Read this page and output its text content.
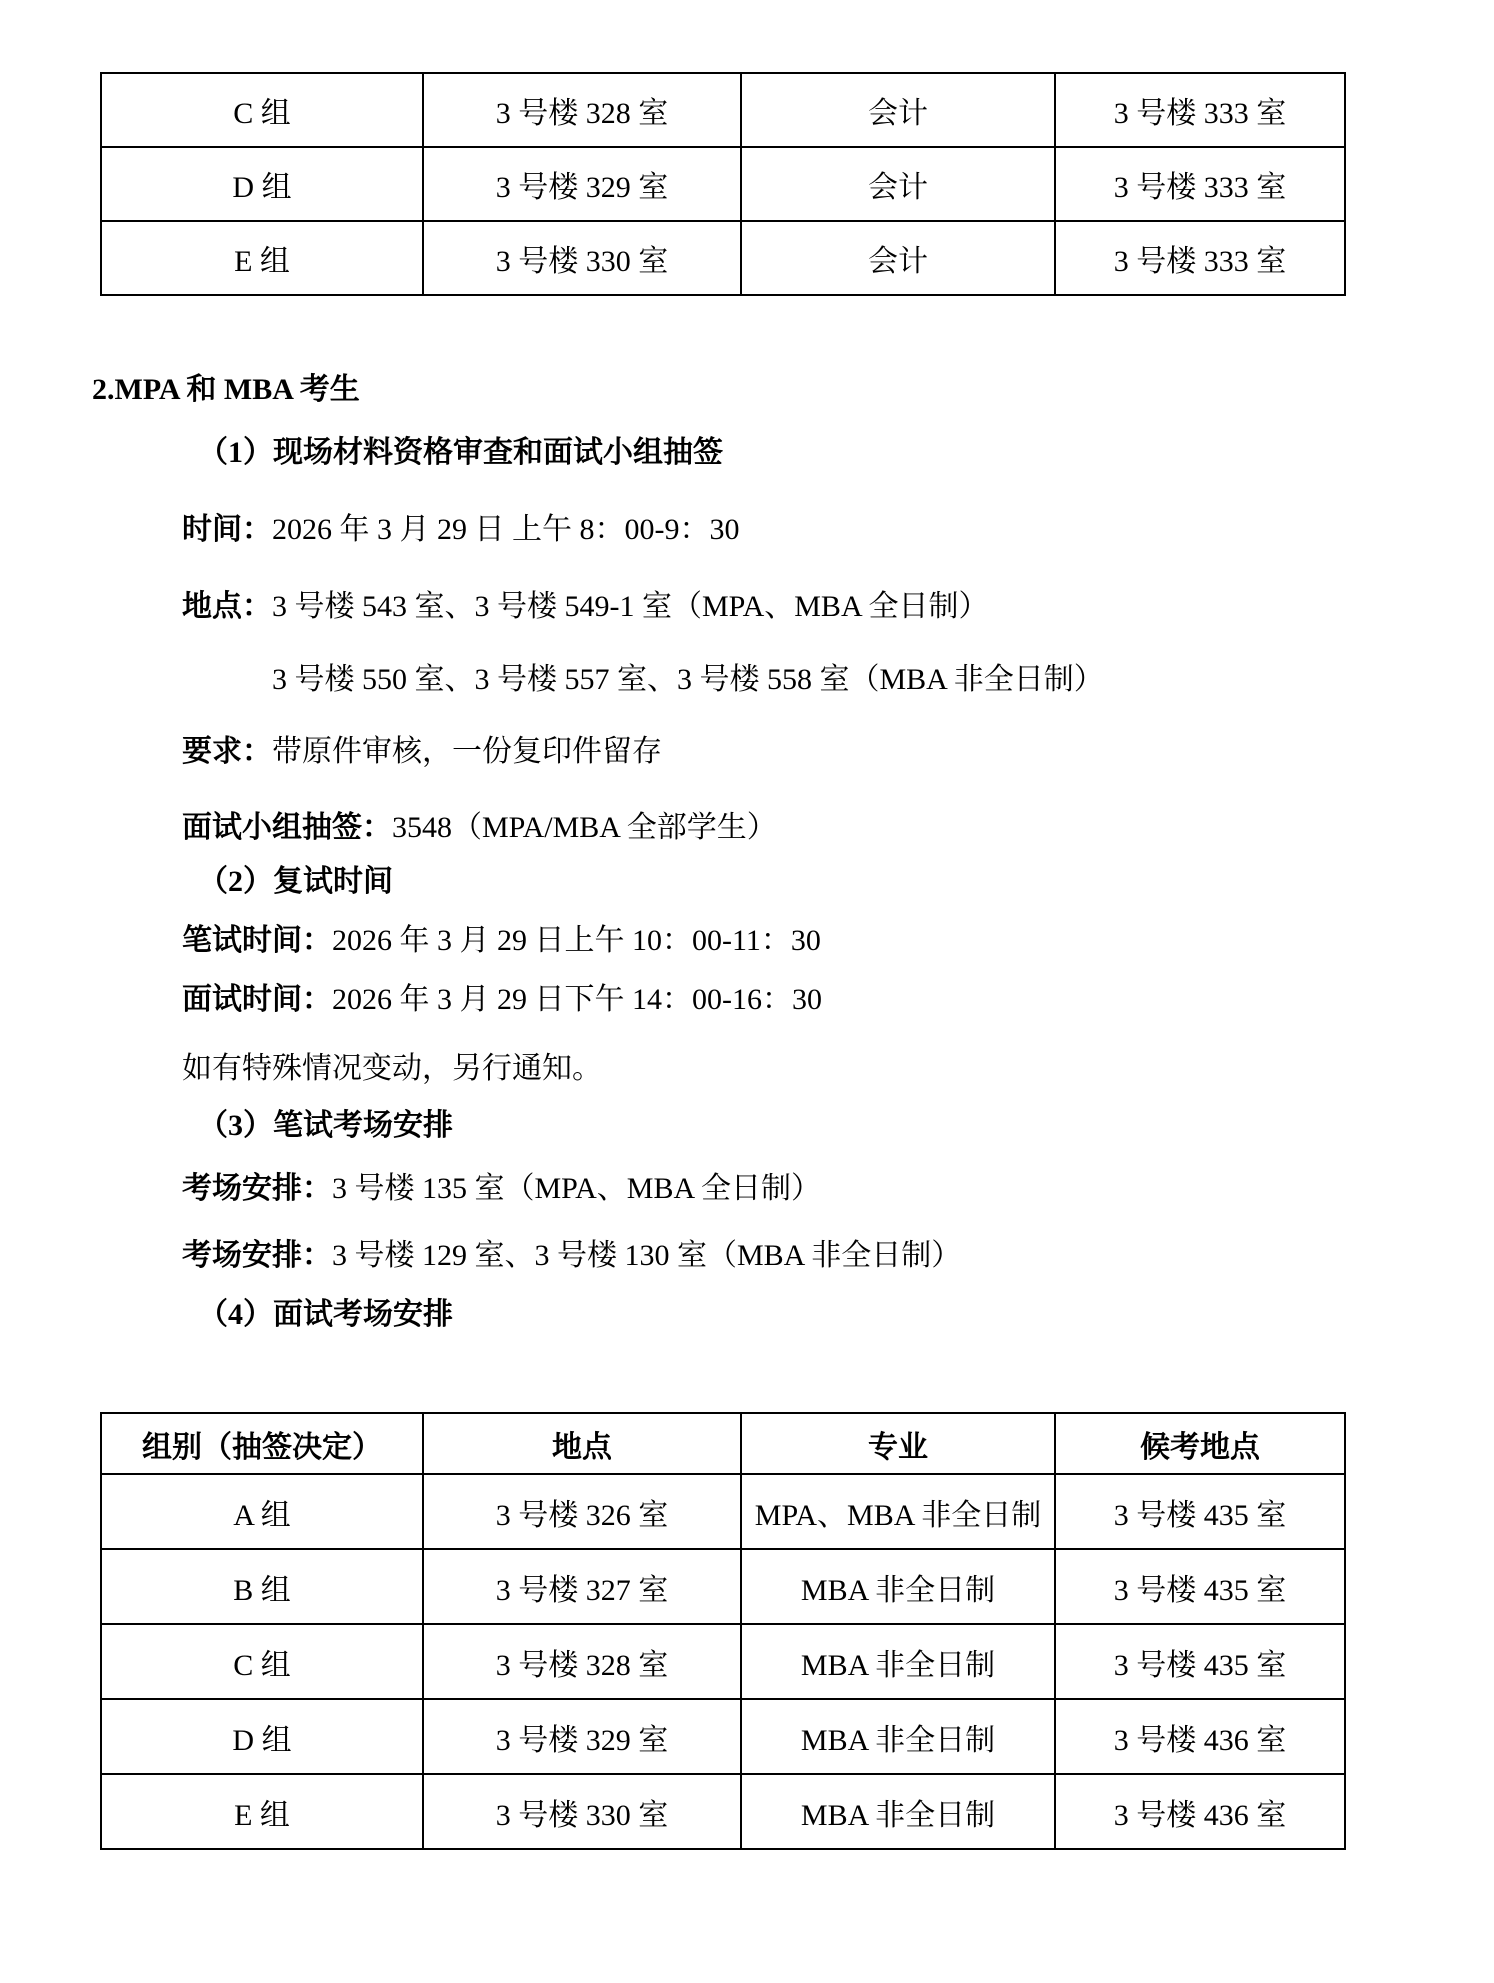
C 组	3 号楼 328 室	会计	3 号楼 333 室
D 组	3 号楼 329 室	会计	3 号楼 333 室
E 组	3 号楼 330 室	会计	3 号楼 333 室
2.MPA 和 MBA 考生
（1）现场材料资格审查和面试小组抽签
时间：2026 年 3 月 29 日 上午 8：00-9：30
地点：3 号楼 543 室、3 号楼 549-1 室（MPA、MBA 全日制）
3 号楼 550 室、3 号楼 557 室、3 号楼 558 室（MBA 非全日制）
要求：带原件审核，一份复印件留存
面试小组抽签：3548（MPA/MBA 全部学生）
（2）复试时间
笔试时间：2026 年 3 月 29 日上午 10：00-11：30
面试时间：2026 年 3 月 29 日下午 14：00-16：30
如有特殊情况变动，另行通知。
（3）笔试考场安排
考场安排：3 号楼 135 室（MPA、MBA 全日制）
考场安排：3 号楼 129 室、3 号楼 130 室（MBA 非全日制）
（4）面试考场安排
组别（抽签决定）	地点	专业	候考地点
A 组	3 号楼 326 室	MPA、MBA 非全日制	3 号楼 435 室
B 组	3 号楼 327 室	MBA 非全日制	3 号楼 435 室
C 组	3 号楼 328 室	MBA 非全日制	3 号楼 435 室
D 组	3 号楼 329 室	MBA 非全日制	3 号楼 436 室
E 组	3 号楼 330 室	MBA 非全日制	3 号楼 436 室
